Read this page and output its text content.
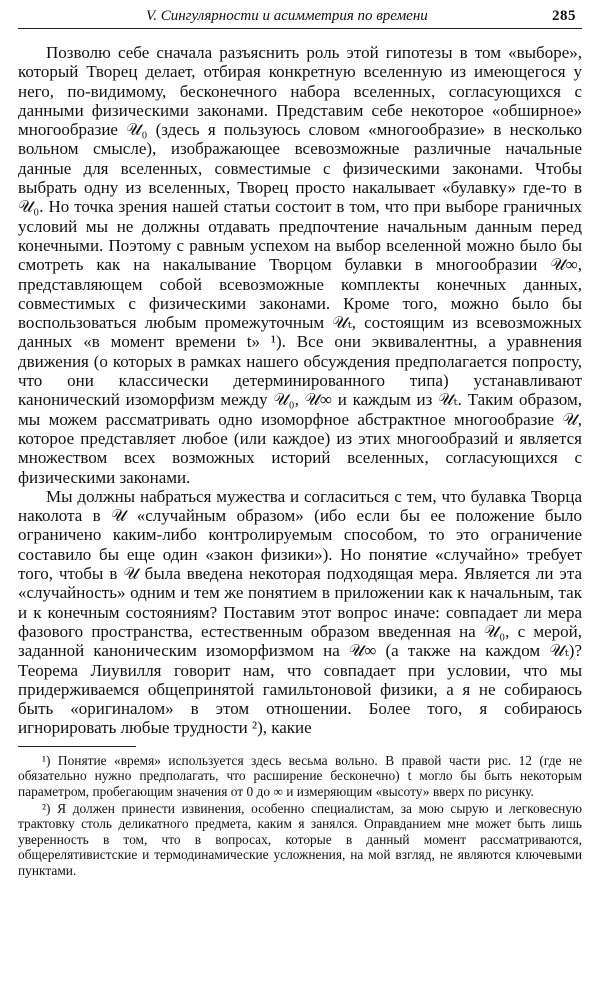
V. Сингулярности и асимметрия по времени	285

Позволю себе сначала разъяснить роль этой гипотезы в том «выборе», который Творец делает, отбирая конкретную вселенную из имеющегося у него, по-видимому, бесконечного набора вселенных, согласующихся с данными физическими законами. Представим себе некоторое «обширное» многообразие 𝒰₀ (здесь я пользуюсь словом «многообразие» в несколько вольном смысле), изображающее всевозможные различные начальные данные для вселенных, совместимые с физическими законами. Чтобы выбрать одну из вселенных, Творец просто накалывает «булавку» где-то в 𝒰₀. Но точка зрения нашей статьи состоит в том, что при выборе граничных условий мы не должны отдавать предпочтение начальным данным перед конечными. Поэтому с равным успехом на выбор вселенной можно было бы смотреть как на накалывание Творцом булавки в многообразии 𝒰∞, представляющем собой всевозможные комплекты конечных данных, совместимых с физическими законами. Кроме того, можно было бы воспользоваться любым промежуточным 𝒰ₜ, состоящим из всевозможных данных «в момент времени t» ¹). Все они эквивалентны, а уравнения движения (о которых в рамках нашего обсуждения предполагается попросту, что они классически детерминированного типа) устанавливают канонический изоморфизм между 𝒰₀, 𝒰∞ и каждым из 𝒰ₜ. Таким образом, мы можем рассматривать одно изоморфное абстрактное многообразие 𝒰, которое представляет любое (или каждое) из этих многообразий и является множеством всех возможных историй вселенных, согласующихся с физическими законами.

Мы должны набраться мужества и согласиться с тем, что булавка Творца наколота в 𝒰 «случайным образом» (ибо если бы ее положение было ограничено каким-либо контролируемым способом, то это ограничение составило бы еще один «закон физики»). Но понятие «случайно» требует того, чтобы в 𝒰 была введена некоторая подходящая мера. Является ли эта «случайность» одним и тем же понятием в приложении как к начальным, так и к конечным состояниям? Поставим этот вопрос иначе: совпадает ли мера фазового пространства, естественным образом введенная на 𝒰₀, с мерой, заданной каноническим изоморфизмом на 𝒰∞ (а также на каждом 𝒰ₜ)? Теорема Лиувилля говорит нам, что совпадает при условии, что мы придерживаемся общепринятой гамильтоновой физики, а я не собираюсь быть «оригиналом» в этом отношении. Более того, я собираюсь игнорировать любые трудности ²), какие

¹) Понятие «время» используется здесь весьма вольно. В правой части рис. 12 (где не обязательно нужно предполагать, что расширение бесконечно) t могло бы быть некоторым параметром, пробегающим значения от 0 до ∞ и измеряющим «высоту» вверх по рисунку.

²) Я должен принести извинения, особенно специалистам, за мою сырую и легковесную трактовку столь деликатного предмета, каким я занялся. Оправданием мне может быть лишь уверенность в том, что в вопросах, которые в данный момент рассматриваются, общерелятивистские и термодинамические усложнения, на мой взгляд, не являются ключевыми пунктами.
